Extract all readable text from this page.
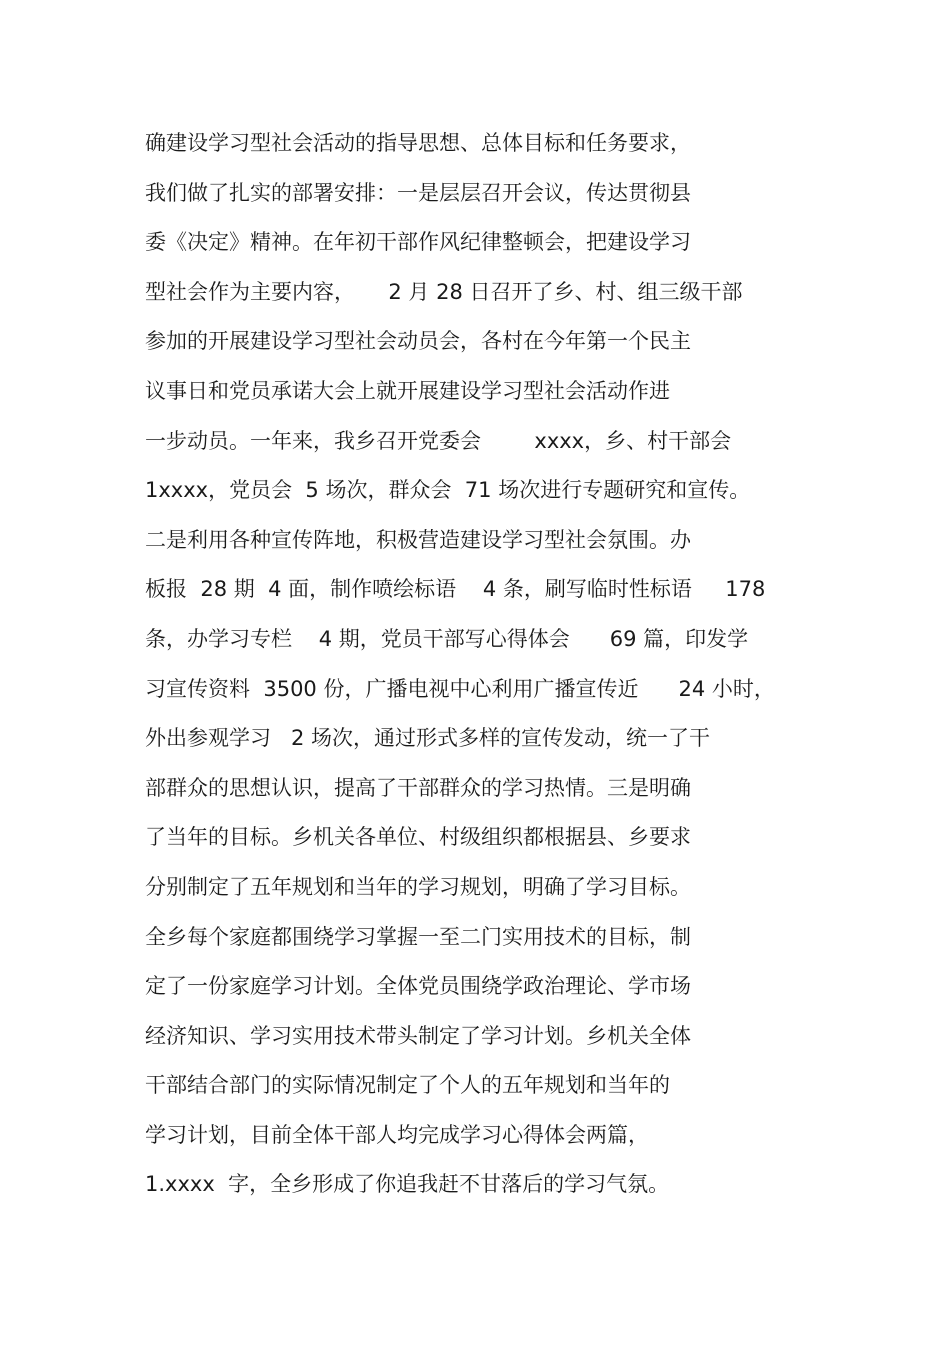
确建设学习型社会活动的指导思想、总体目标和任务要求，
我们做了扎实的部署安排：一是层层召开会议，传达贯彻县
委《决定》精神。在年初干部作风纪律整顿会，把建设学习
型社会作为主要内容，     2 月 28 日召开了乡、村、组三级干部
参加的开展建设学习型社会动员会，各村在今年第一个民主
议事日和党员承诺大会上就开展建设学习型社会活动作进
一步动员。一年来，我乡召开党委会        xxxx，乡、村干部会
1xxxx，党员会  5 场次，群众会  71 场次进行专题研究和宣传。
二是利用各种宣传阵地，积极营造建设学习型社会氛围。办
板报  28 期  4 面，制作喷绘标语    4 条，刷写临时性标语     178
条，办学习专栏    4 期，党员干部写心得体会      69 篇，印发学
习宣传资料  3500 份，广播电视中心利用广播宣传近      24 小时，
外出参观学习   2 场次，通过形式多样的宣传发动，统一了干
部群众的思想认识，提高了干部群众的学习热情。三是明确
了当年的目标。乡机关各单位、村级组织都根据县、乡要求
分别制定了五年规划和当年的学习规划，明确了学习目标。
全乡每个家庭都围绕学习掌握一至二门实用技术的目标，制
定了一份家庭学习计划。全体党员围绕学政治理论、学市场
经济知识、学习实用技术带头制定了学习计划。乡机关全体
干部结合部门的实际情况制定了个人的五年规划和当年的
学习计划，目前全体干部人均完成学习心得体会两篇，
1.xxxx  字，全乡形成了你追我赶不甘落后的学习气氛。
